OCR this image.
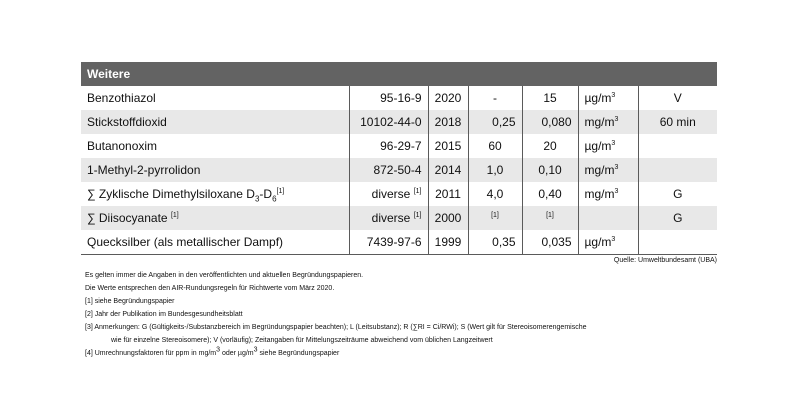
Weitere						
Benzothiazol	95-16-9	2020	-	15	$\mu g/m^3$	V
Stickstoffdioxid	10102-44-0	2018	0,25	0,080	$mg/m^3$	60 min
Butanonoxim	96-29-7	2015	60	20	$\mu g/m^3$	
1-Methyl-2-pyrrolidon	872-50-4	2014	1,0	0,10	$mg/m^3$	
∑ Zyklische Dimethylsiloxane $D_3-D_6[1]$	diverse [1]	2011	4,0	0,40	$mg/m^3$	G
∑ Diisocyanate [1]	diverse [1]	2000	[1]	[1]		G
Quecksilber (als metallischer Dampf)	7439-97-6	1999	0,35	0,035	$\mu g/m^3$	
Quelle: Umweltbundesamt (UBA)

Es gelten immer die Angaben in den veröffentlichten und aktuellen Begründungspapieren.

Die Werte entsprechen den AIR-Rundungsregeln für Richtwerte vom März 2020.

[1] siehe Begründungspapier

[2] Jahr der Publikation im Bundesgesundheitsblatt

[3] Anmerkungen: G (Gültigkeits-/Substanzbereich im Begründungspapier beachten); L (Leitsubstanz); R (∑RI = Ci/RWi); S (Wert gilt für Stereoisomerengemische

wie für einzelne Stereoisomere); V (vorläufig); Zeitangaben für Mittelungszeiträume abweichend vom üblichen Langzeitwert

[4] Umrechnungsfaktoren für ppm in $mg/m^3$ oder $\mu g/m^3$ siehe Begründungspapier
